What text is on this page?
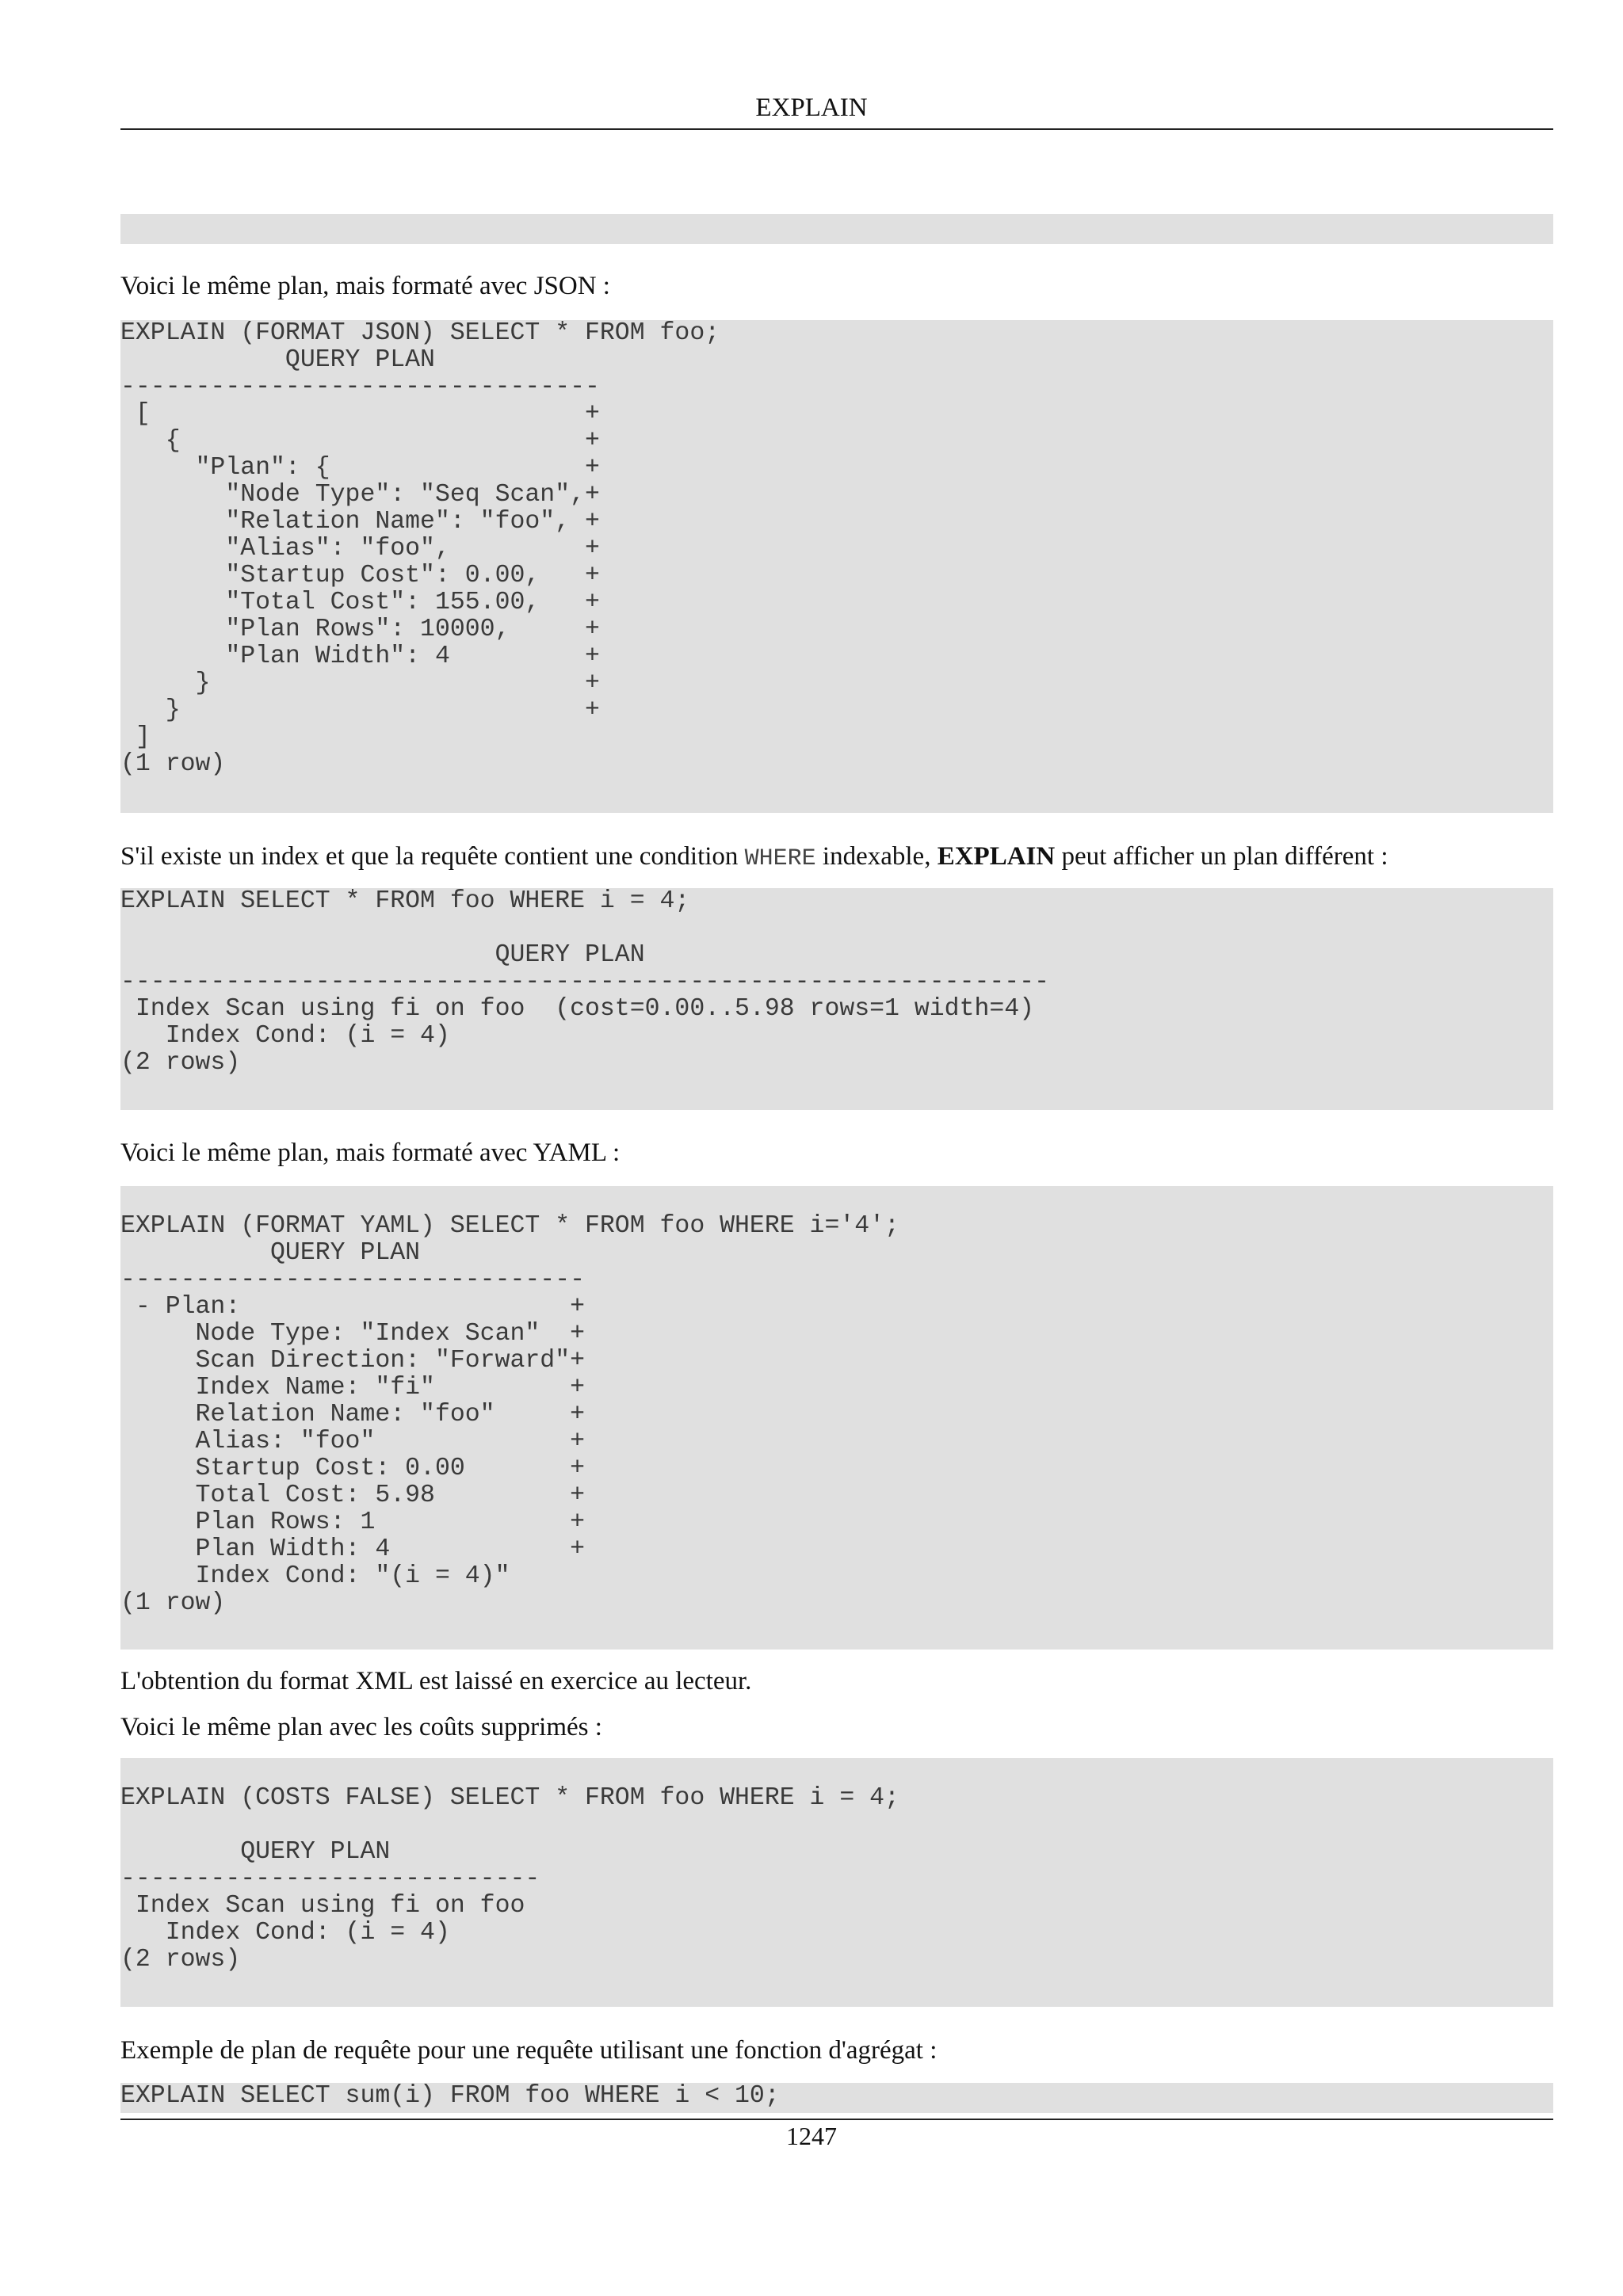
EXPLAIN
Voici le même plan, mais formaté avec JSON :
EXPLAIN (FORMAT JSON) SELECT * FROM foo;
QUERY PLAN
--------------------------------
[                             +
{                           +
"Plan": {                 +
"Node Type": "Seq Scan",+
"Relation Name": "foo", +
"Alias": "foo",         +
"Startup Cost": 0.00,   +
"Total Cost": 155.00,   +
"Plan Rows": 10000,     +
"Plan Width": 4         +
}                         +
}                           +
]
(1 row)
S'il existe un index et que la requête contient une condition WHERE indexable, EXPLAIN peut afficher un plan différent :
EXPLAIN SELECT * FROM foo WHERE i = 4;

QUERY PLAN
--------------------------------------------------------------
Index Scan using fi on foo  (cost=0.00..5.98 rows=1 width=4)
Index Cond: (i = 4)
(2 rows)
Voici le même plan, mais formaté avec YAML :

EXPLAIN (FORMAT YAML) SELECT * FROM foo WHERE i='4';
QUERY PLAN
-------------------------------
- Plan:                      +
Node Type: "Index Scan"  +
Scan Direction: "Forward"+
Index Name: "fi"         +
Relation Name: "foo"     +
Alias: "foo"             +
Startup Cost: 0.00       +
Total Cost: 5.98         +
Plan Rows: 1             +
Plan Width: 4            +
Index Cond: "(i = 4)"
(1 row)
L'obtention du format XML est laissé en exercice au lecteur.
Voici le même plan avec les coûts supprimés :

EXPLAIN (COSTS FALSE) SELECT * FROM foo WHERE i = 4;

QUERY PLAN
----------------------------
Index Scan using fi on foo
Index Cond: (i = 4)
(2 rows)
Exemple de plan de requête pour une requête utilisant une fonction d'agrégat :
EXPLAIN SELECT sum(i) FROM foo WHERE i < 10;
1247
